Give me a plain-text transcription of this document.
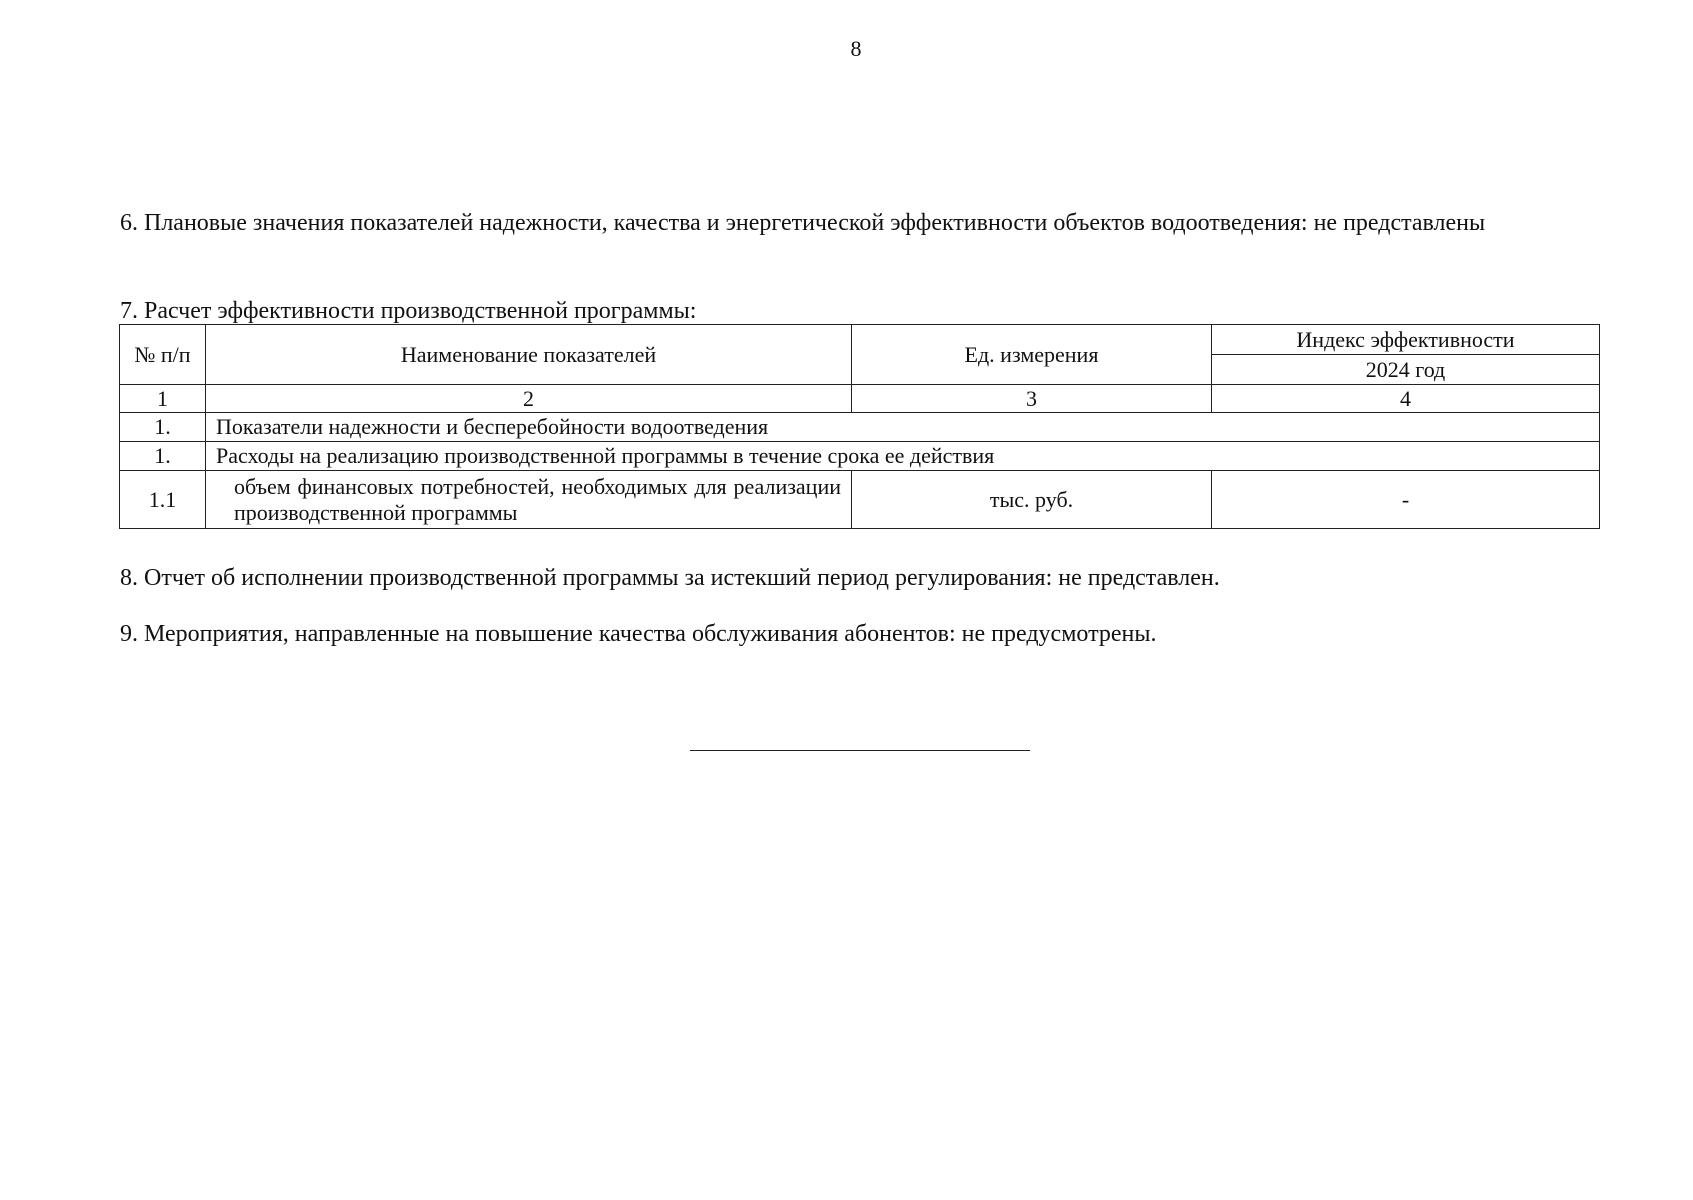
8
6. Плановые значения показателей надежности, качества и энергетической эффективности объектов водоотведения: не представлены
7. Расчет эффективности производственной программы:
№ п/п	Наименование показателей	Ед. измерения	Индекс эффективности
			2024 год
1	2	3	4
1.	Показатели надежности и бесперебойности водоотведения		
1.	Расходы на реализацию производственной программы в течение срока ее действия		
1.1	объем финансовых потребностей, необходимых для реализации производственной программы	тыс. руб.	-
8. Отчет об исполнении производственной программы за истекший период регулирования: не представлен.
9. Мероприятия, направленные на повышение качества обслуживания абонентов: не предусмотрены.
